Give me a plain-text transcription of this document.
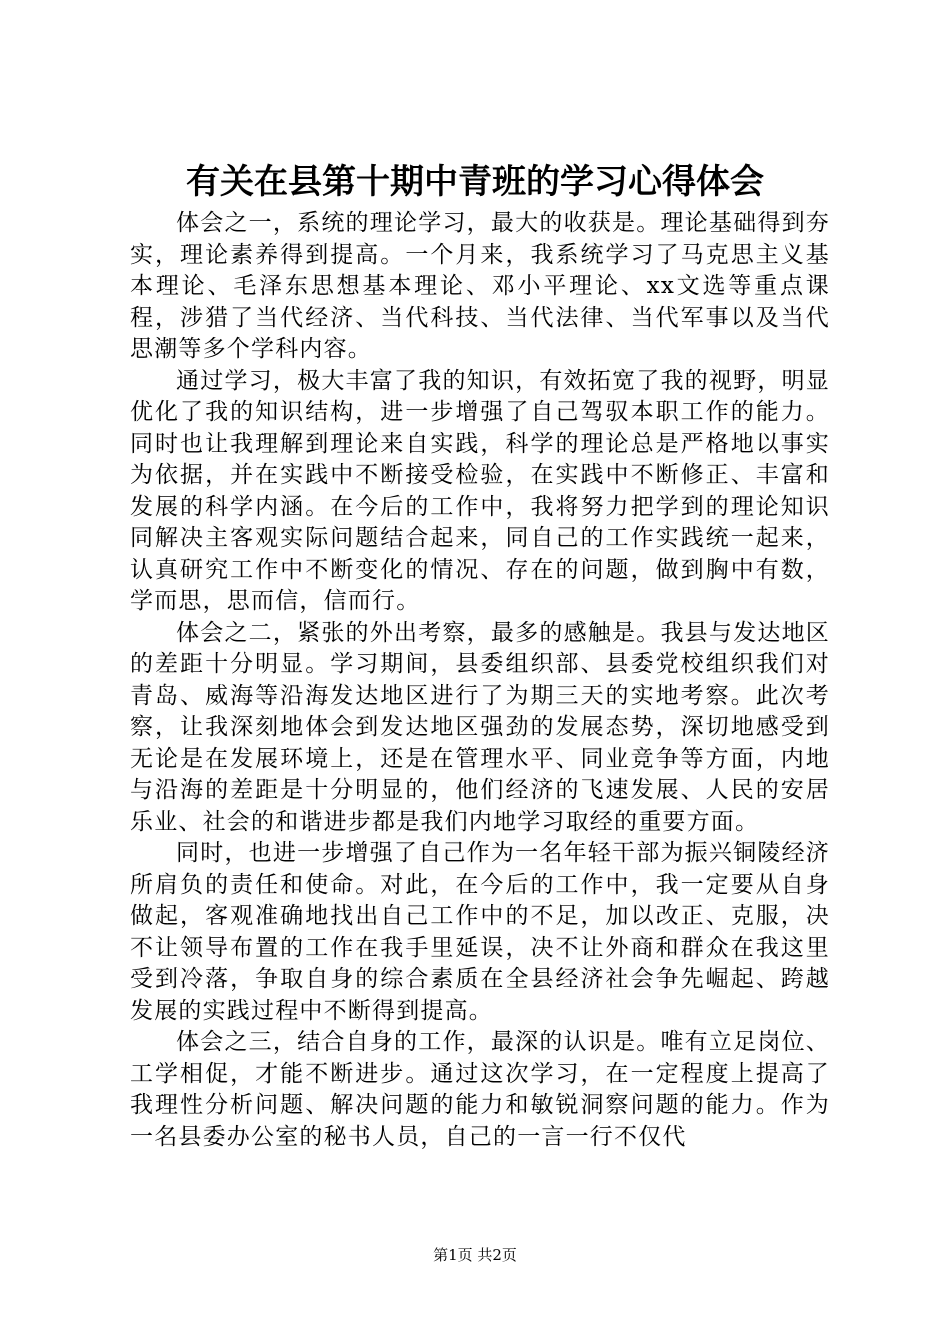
有关在县第十期中青班的学习心得体会

体会之一，系统的理论学习，最大的收获是。理论基础得到夯实，理论素养得到提高。一个月来，我系统学习了马克思主义基本理论、毛泽东思想基本理论、邓小平理论、xx文选等重点课程，涉猎了当代经济、当代科技、当代法律、当代军事以及当代思潮等多个学科内容。

通过学习，极大丰富了我的知识，有效拓宽了我的视野，明显优化了我的知识结构，进一步增强了自己驾驭本职工作的能力。同时也让我理解到理论来自实践，科学的理论总是严格地以事实为依据，并在实践中不断接受检验，在实践中不断修正、丰富和发展的科学内涵。在今后的工作中，我将努力把学到的理论知识同解决主客观实际问题结合起来，同自己的工作实践统一起来，认真研究工作中不断变化的情况、存在的问题，做到胸中有数，学而思，思而信，信而行。

体会之二，紧张的外出考察，最多的感触是。我县与发达地区的差距十分明显。学习期间，县委组织部、县委党校组织我们对青岛、威海等沿海发达地区进行了为期三天的实地考察。此次考察，让我深刻地体会到发达地区强劲的发展态势，深切地感受到无论是在发展环境上，还是在管理水平、同业竞争等方面，内地与沿海的差距是十分明显的，他们经济的飞速发展、人民的安居乐业、社会的和谐进步都是我们内地学习取经的重要方面。

同时，也进一步增强了自己作为一名年轻干部为振兴铜陵经济所肩负的责任和使命。对此，在今后的工作中，我一定要从自身做起，客观准确地找出自己工作中的不足，加以改正、克服，决不让领导布置的工作在我手里延误，决不让外商和群众在我这里受到冷落，争取自身的综合素质在全县经济社会争先崛起、跨越发展的实践过程中不断得到提高。

体会之三，结合自身的工作，最深的认识是。唯有立足岗位、工学相促，才能不断进步。通过这次学习，在一定程度上提高了我理性分析问题、解决问题的能力和敏锐洞察问题的能力。作为一名县委办公室的秘书人员，自己的一言一行不仅代

第1页 共2页
